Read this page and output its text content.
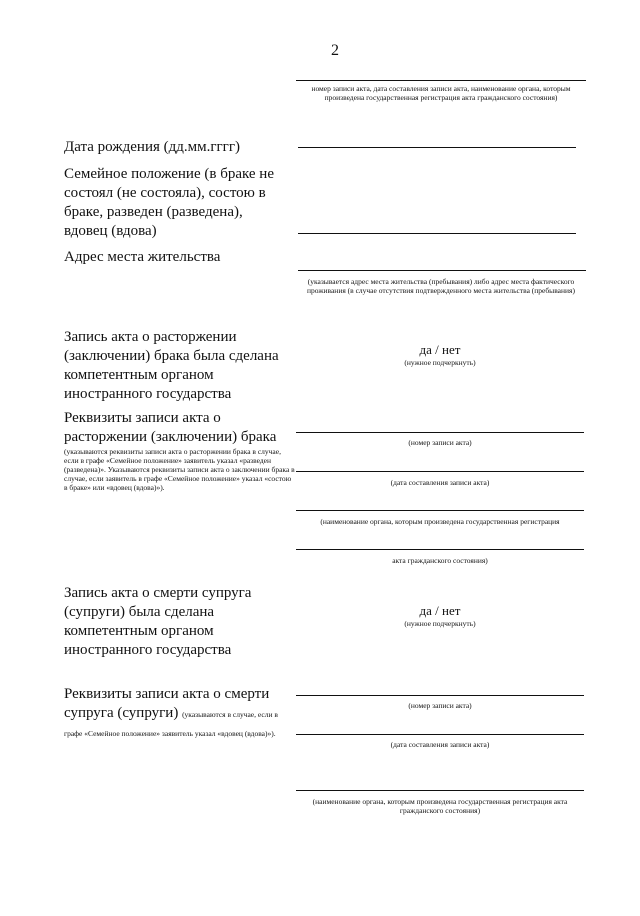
2
номер записи акта, дата составления записи акта, наименование органа, которым произведена государственная регистрация акта гражданского состояния)
Дата рождения (дд.мм.гггг)
Семейное положение (в браке не состоял (не состояла), состою в браке, разведен (разведена), вдовец (вдова)
Адрес места жительства
(указывается адрес места жительства (пребывания) либо адрес места фактического проживания (в случае отсутствия подтвержденного места жительства (пребывания)
Запись акта о расторжении (заключении) брака была сделана компетентным органом иностранного государства
да / нет
(нужное подчеркнуть)
Реквизиты записи акта о расторжении (заключении) брака
(указываются реквизиты записи акта о расторжении брака в случае, если в графе «Семейное положение» заявитель указал «разведен (разведена)». Указываются реквизиты записи акта о заключении брака в случае, если заявитель в графе «Семейное положение» указал «состою в браке» или «вдовец (вдова)»).
(номер записи акта)
(дата составления записи акта)
(наименование органа, которым произведена государственная регистрация
акта гражданского состояния)
Запись акта о смерти супруга (супруги) была сделана компетентным органом иностранного государства
да / нет
(нужное подчеркнуть)
Реквизиты записи акта о смерти супруга (супруги) (указываются в случае, если в графе «Семейное положение» заявитель указал «вдовец (вдова)»).
(номер записи акта)
(дата составления записи акта)
(наименование органа, которым произведена государственная регистрация акта гражданского состояния)
